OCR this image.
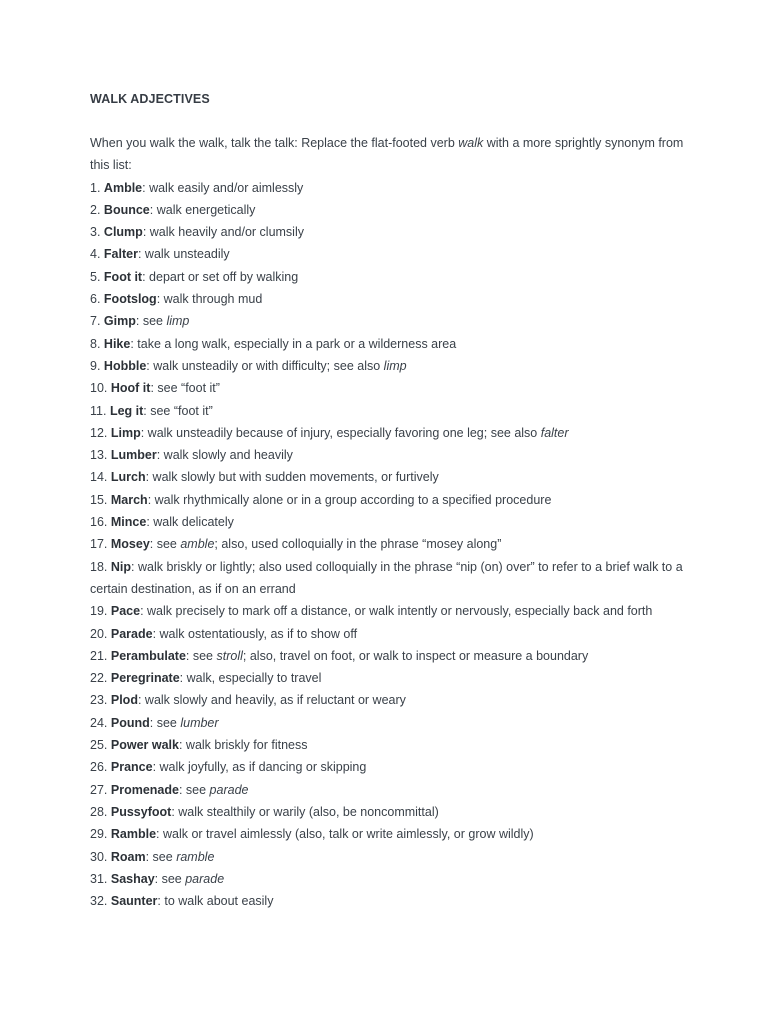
WALK ADJECTIVES

When you walk the walk, talk the talk: Replace the flat-footed verb walk with a more sprightly synonym from this list:

1. Amble: walk easily and/or aimlessly

2. Bounce: walk energetically

3. Clump: walk heavily and/or clumsily

4. Falter: walk unsteadily

5. Foot it: depart or set off by walking

6. Footslog: walk through mud

7. Gimp: see limp

8. Hike: take a long walk, especially in a park or a wilderness area

9. Hobble: walk unsteadily or with difficulty; see also limp

10. Hoof it: see “foot it”

11. Leg it: see “foot it”

12. Limp: walk unsteadily because of injury, especially favoring one leg; see also falter

13. Lumber: walk slowly and heavily

14. Lurch: walk slowly but with sudden movements, or furtively

15. March: walk rhythmically alone or in a group according to a specified procedure

16. Mince: walk delicately

17. Mosey: see amble; also, used colloquially in the phrase “mosey along”

18. Nip: walk briskly or lightly; also used colloquially in the phrase “nip (on) over” to refer to a brief walk to a certain destination, as if on an errand

19. Pace: walk precisely to mark off a distance, or walk intently or nervously, especially back and forth

20. Parade: walk ostentatiously, as if to show off

21. Perambulate: see stroll; also, travel on foot, or walk to inspect or measure a boundary

22. Peregrinate: walk, especially to travel

23. Plod: walk slowly and heavily, as if reluctant or weary

24. Pound: see lumber

25. Power walk: walk briskly for fitness

26. Prance: walk joyfully, as if dancing or skipping

27. Promenade: see parade

28. Pussyfoot: walk stealthily or warily (also, be noncommittal)

29. Ramble: walk or travel aimlessly (also, talk or write aimlessly, or grow wildly)

30. Roam: see ramble

31. Sashay: see parade

32. Saunter: to walk about easily
